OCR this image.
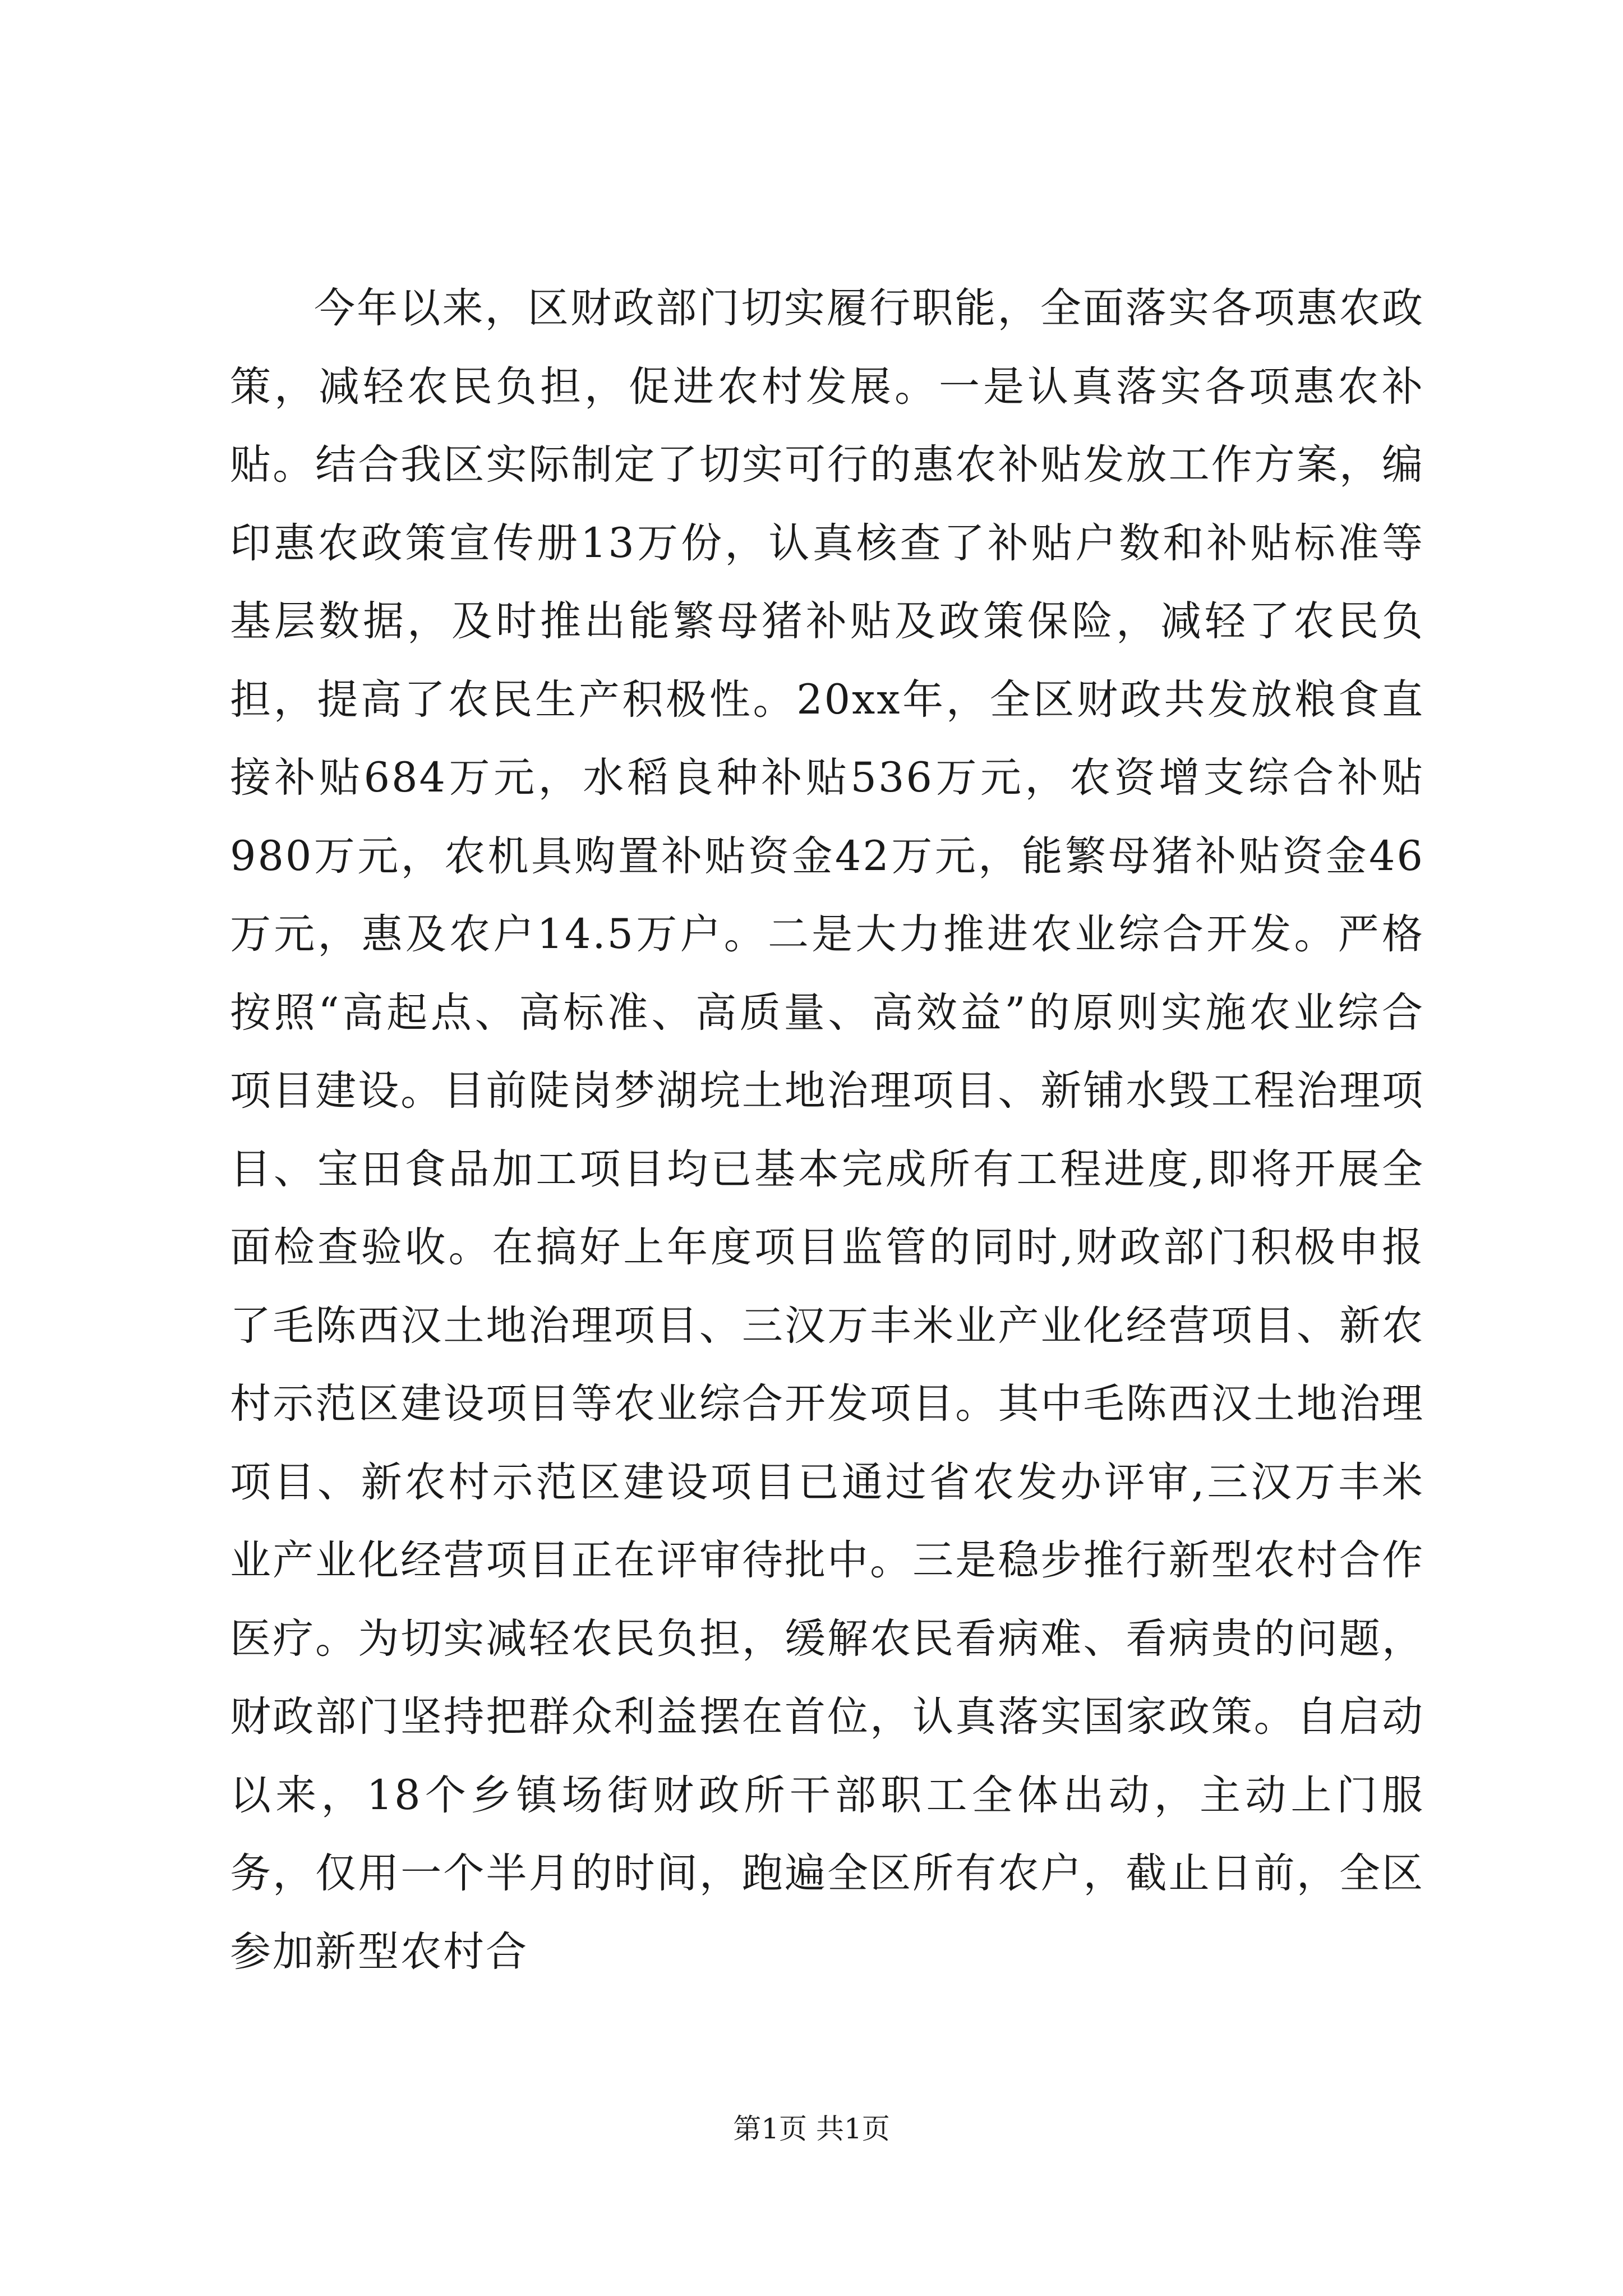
今年以来，区财政部门切实履行职能，全面落实各项惠农政策，减轻农民负担，促进农村发展。一是认真落实各项惠农补贴。结合我区实际制定了切实可行的惠农补贴发放工作方案，编印惠农政策宣传册13万份，认真核查了补贴户数和补贴标准等基层数据，及时推出能繁母猪补贴及政策保险，减轻了农民负担，提高了农民生产积极性。20xx年，全区财政共发放粮食直接补贴684万元，水稻良种补贴536万元，农资增支综合补贴980万元，农机具购置补贴资金42万元，能繁母猪补贴资金46万元，惠及农户14.5万户。二是大力推进农业综合开发。严格按照“高起点、高标准、高质量、高效益”的原则实施农业综合项目建设。目前陡岗梦湖垸土地治理项目、新铺水毁工程治理项目、宝田食品加工项目均已基本完成所有工程进度,即将开展全面检查验收。在搞好上年度项目监管的同时,财政部门积极申报了毛陈西汉土地治理项目、三汉万丰米业产业化经营项目、新农村示范区建设项目等农业综合开发项目。其中毛陈西汉土地治理项目、新农村示范区建设项目已通过省农发办评审,三汉万丰米业产业化经营项目正在评审待批中。三是稳步推行新型农村合作医疗。为切实减轻农民负担，缓解农民看病难、看病贵的问题，财政部门坚持把群众利益摆在首位，认真落实国家政策。自启动以来，18个乡镇场街财政所干部职工全体出动，主动上门服务，仅用一个半月的时间，跑遍全区所有农户，截止日前，全区参加新型农村合

第1页 共1页
